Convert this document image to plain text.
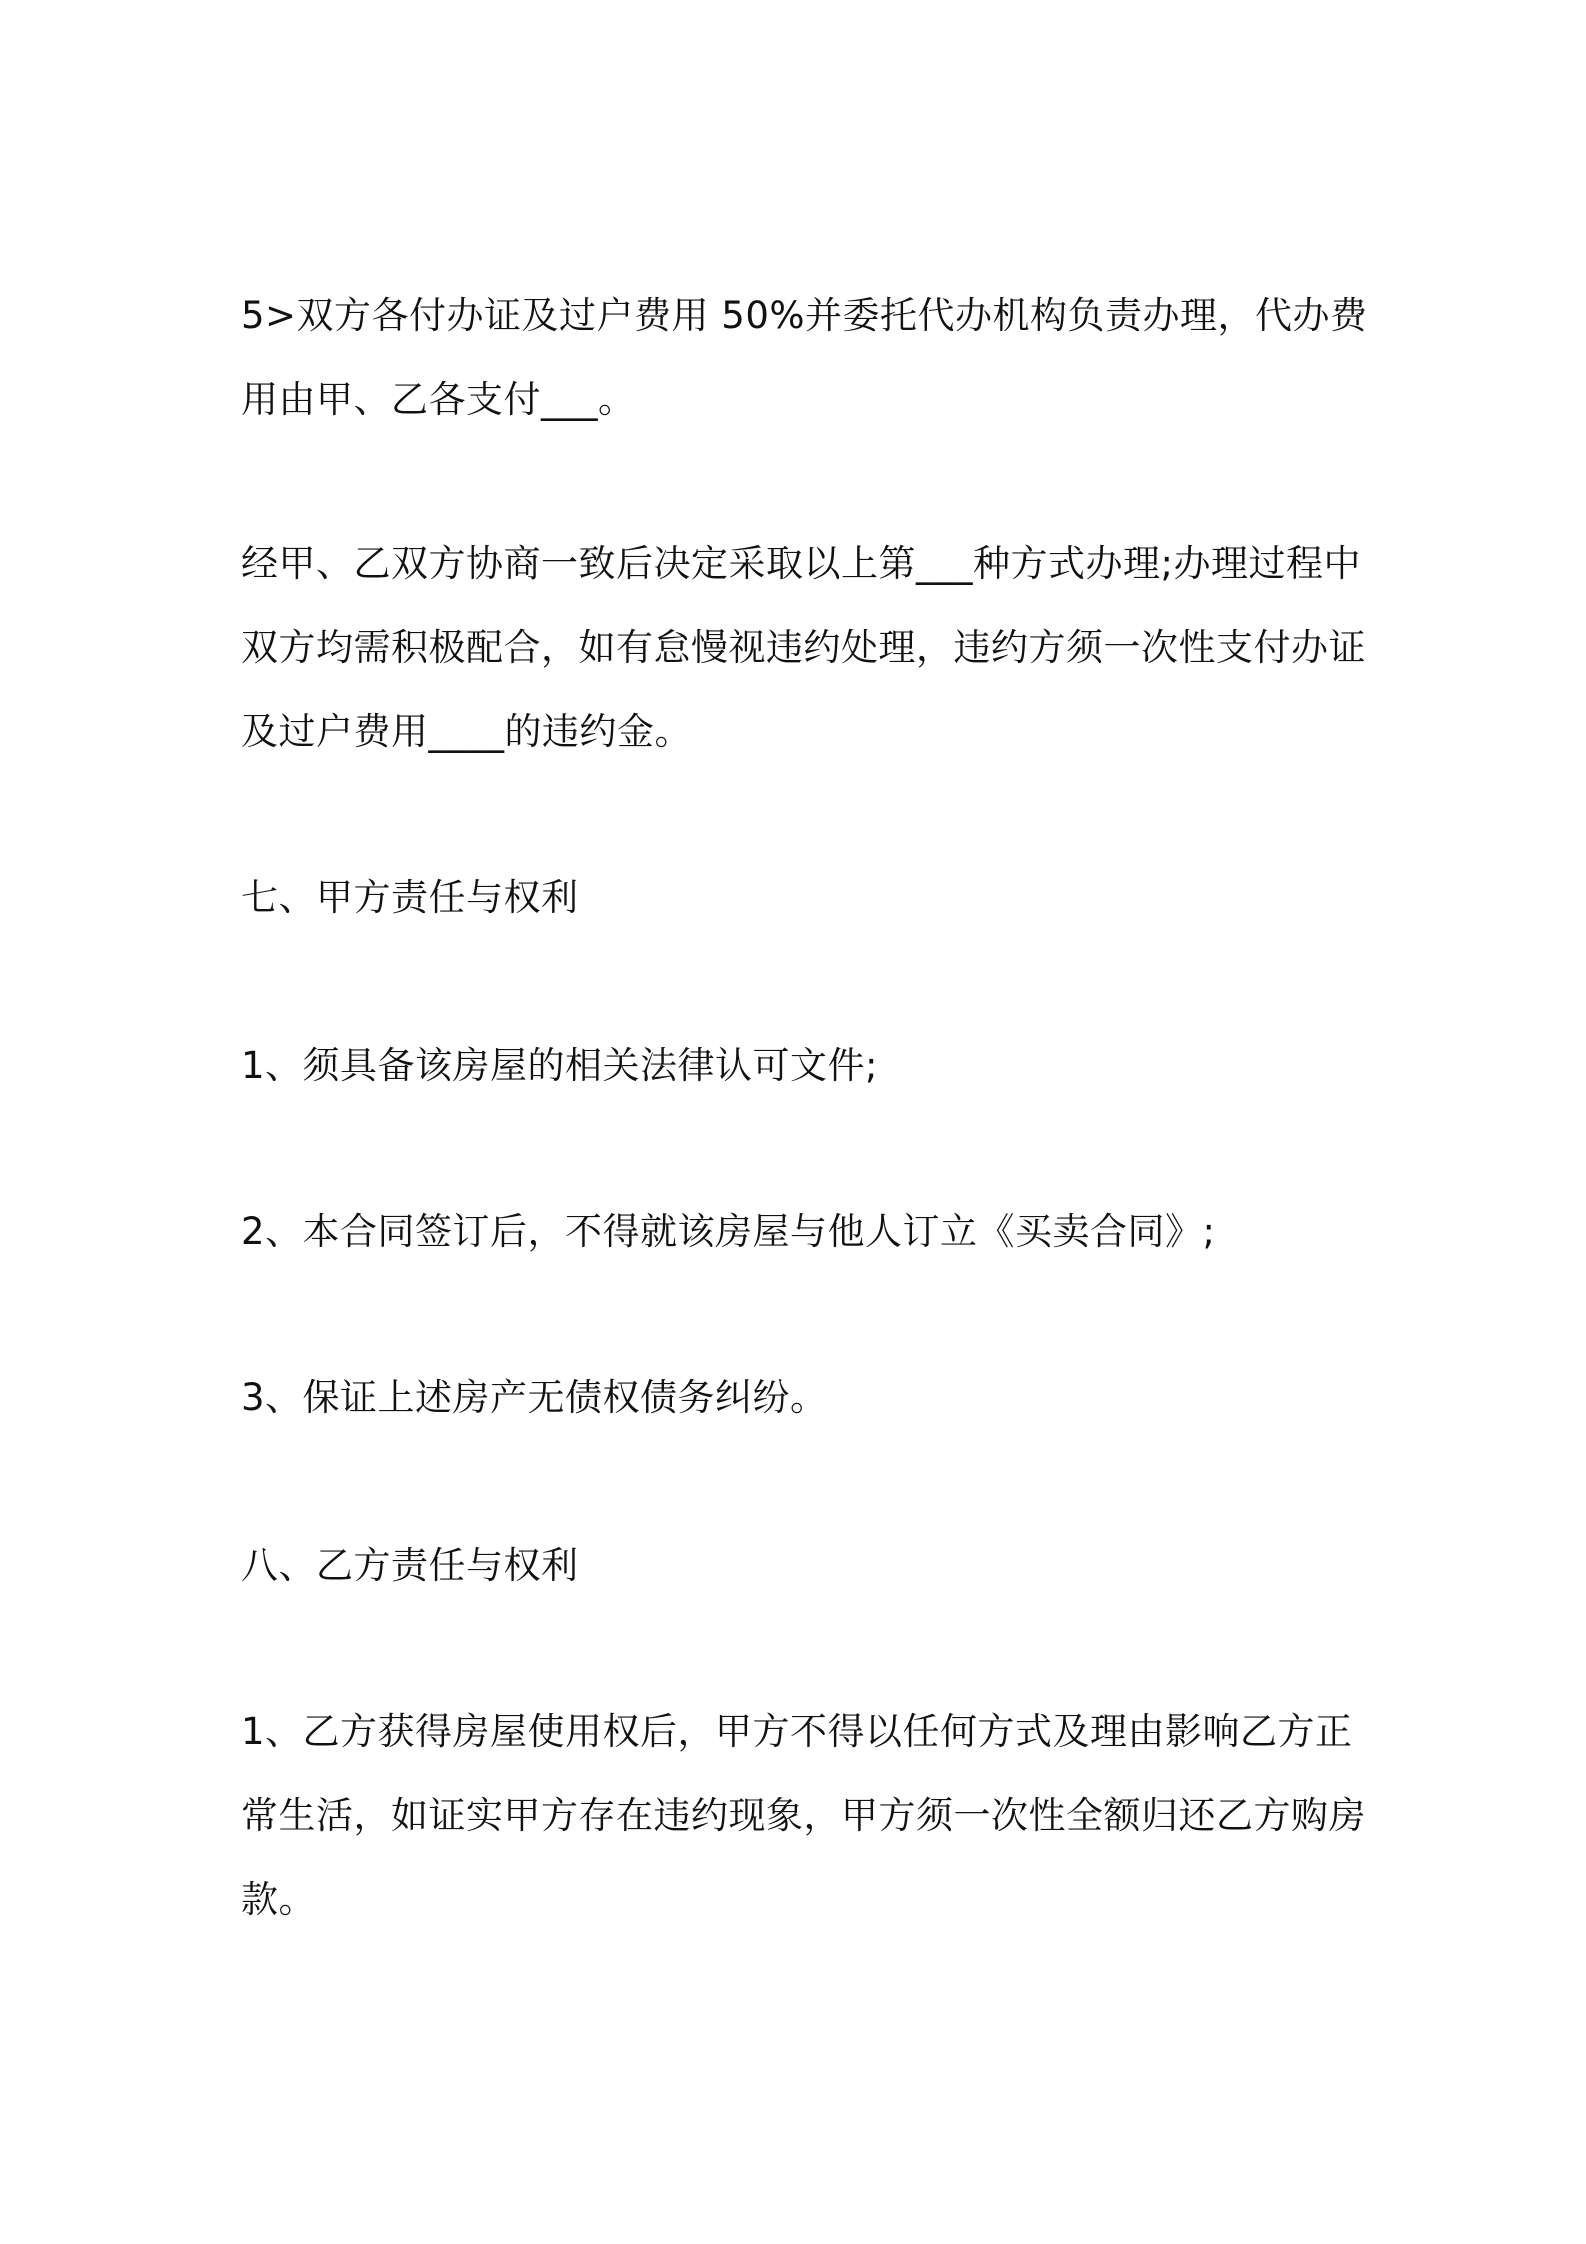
5>双方各付办证及过户费用 50%并委托代办机构负责办理，代办费
用由甲、乙各支付___。
经甲、乙双方协商一致后决定采取以上第___种方式办理;办理过程中
双方均需积极配合，如有怠慢视违约处理，违约方须一次性支付办证
及过户费用____的违约金。
七、甲方责任与权利
1、须具备该房屋的相关法律认可文件;
2、本合同签订后，不得就该房屋与他人订立《买卖合同》;
3、保证上述房产无债权债务纠纷。
八、乙方责任与权利
1、乙方获得房屋使用权后，甲方不得以任何方式及理由影响乙方正
常生活，如证实甲方存在违约现象，甲方须一次性全额归还乙方购房
款。
